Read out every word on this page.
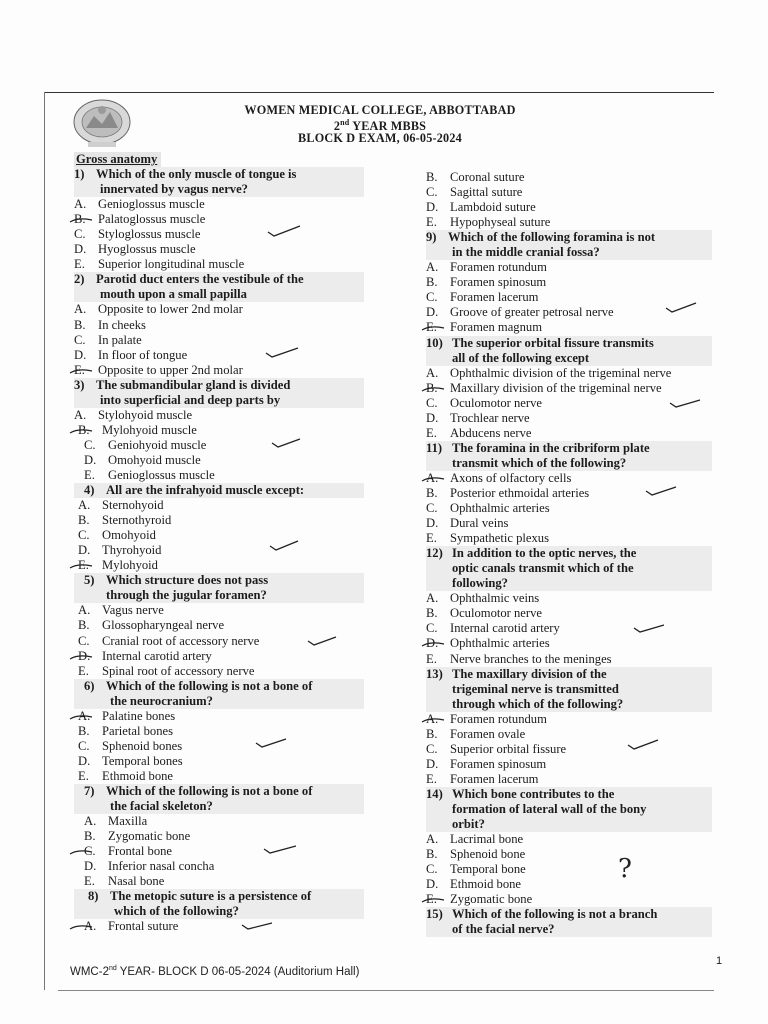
WOMEN MEDICAL COLLEGE, ABBOTTABAD
2nd YEAR MBBS
BLOCK D EXAM, 06-05-2024
Gross anatomy
1) Which of the only muscle of tongue is
innervated by vagus nerve?
A. Genioglossus muscle
B. Palatoglossus muscle
C. Styloglossus muscle
D. Hyoglossus muscle
E. Superior longitudinal muscle
2) Parotid duct enters the vestibule of the
mouth upon a small papilla
A. Opposite to lower 2nd molar
B. In cheeks
C. In palate
D. In floor of tongue
E. Opposite to upper 2nd molar
3) The submandibular gland is divided
into superficial and deep parts by
A. Stylohyoid muscle
B. Mylohyoid muscle
C. Geniohyoid muscle
D. Omohyoid muscle
E. Genioglossus muscle
4) All are the infrahyoid muscle except:
A. Sternohyoid
B. Sternothyroid
C. Omohyoid
D. Thyrohyoid
E. Mylohyoid
5) Which structure does not pass
through the jugular foramen?
A. Vagus nerve
B. Glossopharyngeal nerve
C. Cranial root of accessory nerve
D. Internal carotid artery
E. Spinal root of accessory nerve
6) Which of the following is not a bone of
the neurocranium?
A. Palatine bones
B. Parietal bones
C. Sphenoid bones
D. Temporal bones
E. Ethmoid bone
7) Which of the following is not a bone of
the facial skeleton?
A. Maxilla
B. Zygomatic bone
C. Frontal bone
D. Inferior nasal concha
E. Nasal bone
8) The metopic suture is a persistence of
which of the following?
A. Frontal suture
B. Coronal suture
C. Sagittal suture
D. Lambdoid suture
E. Hypophyseal suture
9) Which of the following foramina is not
in the middle cranial fossa?
A. Foramen rotundum
B. Foramen spinosum
C. Foramen lacerum
D. Groove of greater petrosal nerve
E. Foramen magnum
10) The superior orbital fissure transmits
all of the following except
A. Ophthalmic division of the trigeminal nerve
B. Maxillary division of the trigeminal nerve
C. Oculomotor nerve
D. Trochlear nerve
E. Abducens nerve
11) The foramina in the cribriform plate
transmit which of the following?
A. Axons of olfactory cells
B. Posterior ethmoidal arteries
C. Ophthalmic arteries
D. Dural veins
E. Sympathetic plexus
12) In addition to the optic nerves, the
optic canals transmit which of the
following?
A. Ophthalmic veins
B. Oculomotor nerve
C. Internal carotid artery
D. Ophthalmic arteries
E. Nerve branches to the meninges
13) The maxillary division of the
trigeminal nerve is transmitted
through which of the following?
A. Foramen rotundum
B. Foramen ovale
C. Superior orbital fissure
D. Foramen spinosum
E. Foramen lacerum
14) Which bone contributes to the
formation of lateral wall of the bony
orbit?
A. Lacrimal bone
B. Sphenoid bone
C. Temporal bone
D. Ethmoid bone
E. Zygomatic bone
15) Which of the following is not a branch
of the facial nerve?
?
WMC-2nd YEAR- BLOCK D 06-05-2024 (Auditorium Hall)
1
